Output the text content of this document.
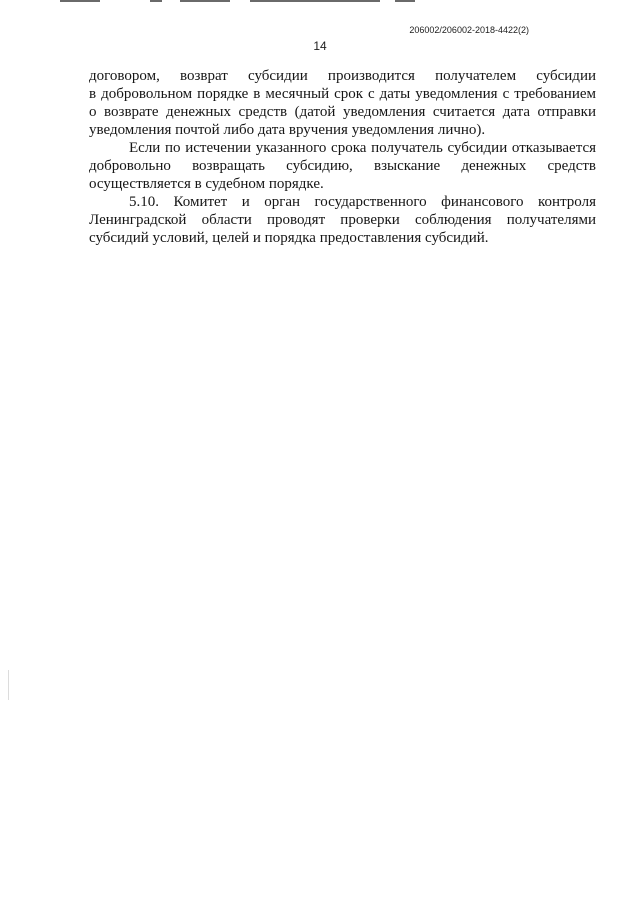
206002/206002-2018-4422(2)
14
договором, возврат субсидии производится получателем субсидии
в добровольном порядке в месячный срок с даты уведомления с требованием
о возврате денежных средств (датой уведомления считается дата отправки
уведомления почтой либо дата вручения уведомления лично).
Если по истечении указанного срока получатель субсидии отказывается
добровольно возвращать субсидию, взыскание денежных средств
осуществляется в судебном порядке.
5.10. Комитет и орган государственного финансового контроля
Ленинградской области проводят проверки соблюдения получателями
субсидий условий, целей и порядка предоставления субсидий.
